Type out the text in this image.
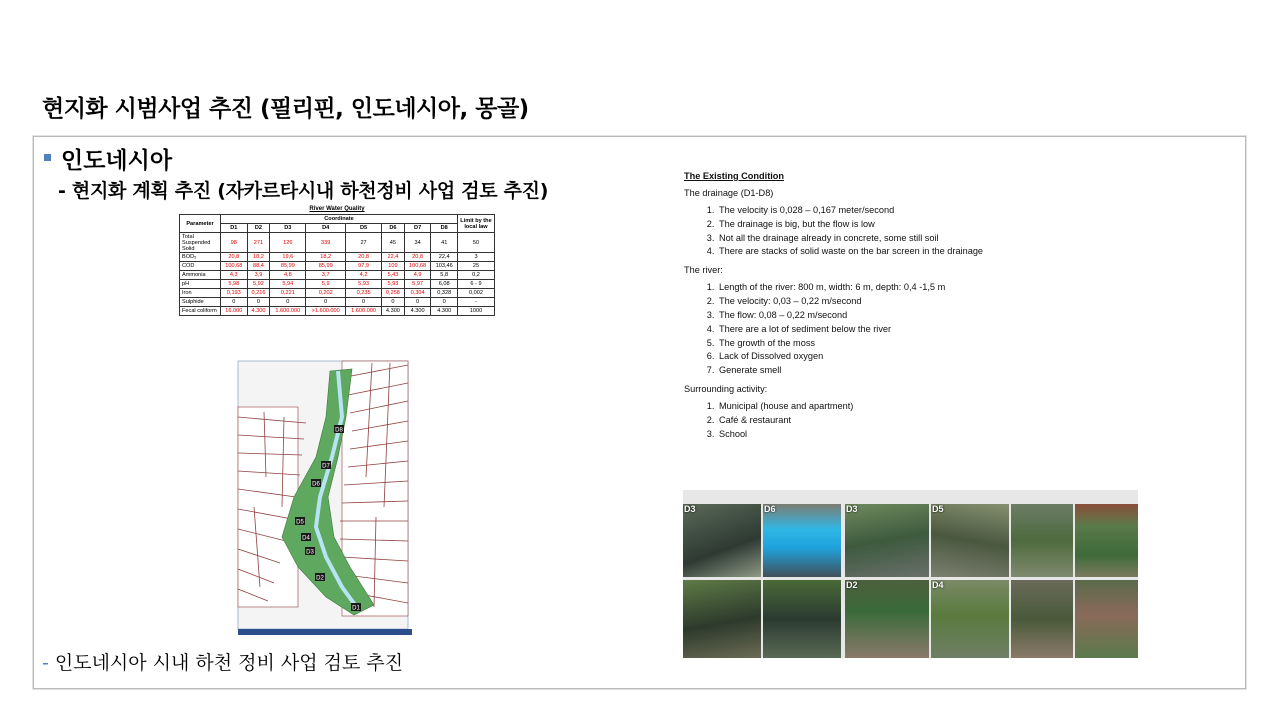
현지화 시범사업 추진 (필리핀, 인도네시아, 몽골)
인도네시아
- 현지화 계획 추진 (자카르타시내 하천정비 사업 검토 추진)
River Water Quality
Parameter	Coordinate								Limit by the local law
	D1	D2	D3	D4	D5	D6	D7	D8	
Total Suspended Solid	98	271	126	339	27	45	34	41	50
BOD₅	20,8	18,2	19,6	18,2	20,8	22,4	20,8	22,4	3
COD	100,68	88,4	85,99	85,99	97,9	109	100,68	103,46	25
Ammonia	4,3	3,9	4,8	3,7	4,2	5,43	4,9	5,8	0,2
pH	5,98	5,92	5,94	5,9	5,93	5,93	5,97	6,08	6 - 9
Iron	0,193	0,216	0,221	0,202	0,235	0,258	0,304	0,328	0,002
Sulphide	0	0	0	0	0	0	0	0	-
Fecal coliform	16.000	4.300	1.600.000	>1.600.000	1.600.000	4.300	4.300	4.300	1000
D8
D7
D6
D5
D4
D3
D2
D1
The Existing Condition
The drainage (D1-D8)
1. The velocity is 0,028 – 0,167 meter/second
2. The drainage is big, but the flow is low
3. Not all the drainage already in concrete, some still soil
4. There are stacks of solid waste on the bar screen in the drainage
The river:
1. Length of the river: 800 m, width: 6 m, depth: 0,4 -1,5 m
2. The velocity: 0,03 – 0,22 m/second
3. The flow: 0,08 – 0,22 m/second
4. There are a lot of sediment below the river
5. The growth of the moss
6. Lack of Dissolved oxygen
7. Generate smell
Surrounding activity:
1. Municipal (house and apartment)
2. Café & restaurant
3. School
D3	D6	D3	D5
D2	D4
- 인도네시아 시내 하천 정비 사업 검토 추진
